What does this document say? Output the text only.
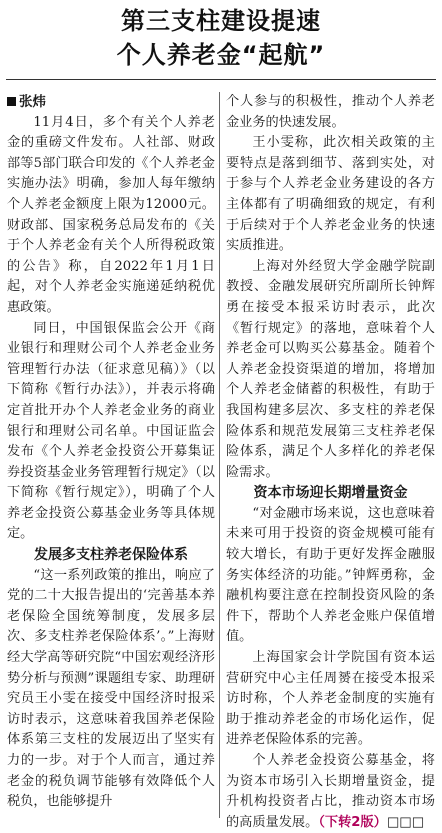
第三支柱建设提速
个人养老金“起航”

张炜

11月4日，多个有关个人养老金的重磅文件发布。人社部、财政部等5部门联合印发的《个人养老金实施办法》明确，参加人每年缴纳个人养老金额度上限为12000元。财政部、国家税务总局发布的《关于个人养老金有关个人所得税政策的公告》称，自2022年1月1日起，对个人养老金实施递延纳税优惠政策。

同日，中国银保监会公开《商业银行和理财公司个人养老金业务管理暂行办法（征求意见稿）》（以下简称《暂行办法》），并表示将确定首批开办个人养老金业务的商业银行和理财公司名单。中国证监会发布《个人养老金投资公开募集证券投资基金业务管理暂行规定》（以下简称《暂行规定》），明确了个人养老金投资公募基金业务等具体规定。

发展多支柱养老保险体系

“这一系列政策的推出，响应了党的二十大报告提出的‘完善基本养老保险全国统筹制度，发展多层次、多支柱养老保险体系’。”上海财经大学高等研究院“中国宏观经济形势分析与预测”课题组专家、助理研究员王小雯在接受中国经济时报采访时表示，这意味着我国养老保险体系第三支柱的发展迈出了坚实有力的一步。对于个人而言，通过养老金的税负调节能够有效降低个人税负，也能够提升

个人参与的积极性，推动个人养老金业务的快速发展。

王小雯称，此次相关政策的主要特点是落到细节、落到实处，对于参与个人养老金业务建设的各方主体都有了明确细致的规定，有利于后续对于个人养老金业务的快速实质推进。

上海对外经贸大学金融学院副教授、金融发展研究所副所长钟辉勇在接受本报采访时表示，此次《暂行规定》的落地，意味着个人养老金可以购买公募基金。随着个人养老金投资渠道的增加，将增加个人养老金储蓄的积极性，有助于我国构建多层次、多支柱的养老保险体系和规范发展第三支柱养老保险体系，满足个人多样化的养老保险需求。

资本市场迎长期增量资金

“对金融市场来说，这也意味着未来可用于投资的资金规模可能有较大增长，有助于更好发挥金融服务实体经济的功能。”钟辉勇称，金融机构要注意在控制投资风险的条件下，帮助个人养老金账户保值增值。

上海国家会计学院国有资本运营研究中心主任周赟在接受本报采访时称，个人养老金制度的实施有助于推动养老金的市场化运作，促进养老保险体系的完善。

个人养老金投资公募基金，将为资本市场引入长期增量资金，提升机构投资者占比，推动资本市场的高质量发展。（下转2版）□□□
